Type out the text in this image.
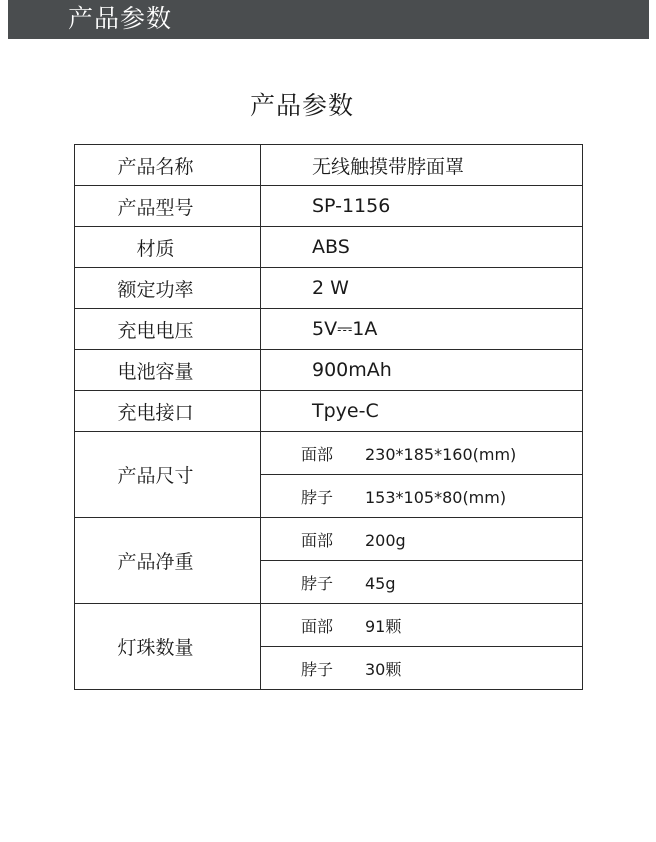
产品参数
产品参数
产品名称	无线触摸带脖面罩
产品型号	SP-1156
材质	ABS
额定功率	2 W
充电电压	5V⎓1A
电池容量	900mAh
充电接口	Tpye-C
产品尺寸	面部 230*185*160(mm)
	脖子 153*105*80(mm)
产品净重	面部 200g
	脖子 45g
灯珠数量	面部 91颗
	脖子 30颗
